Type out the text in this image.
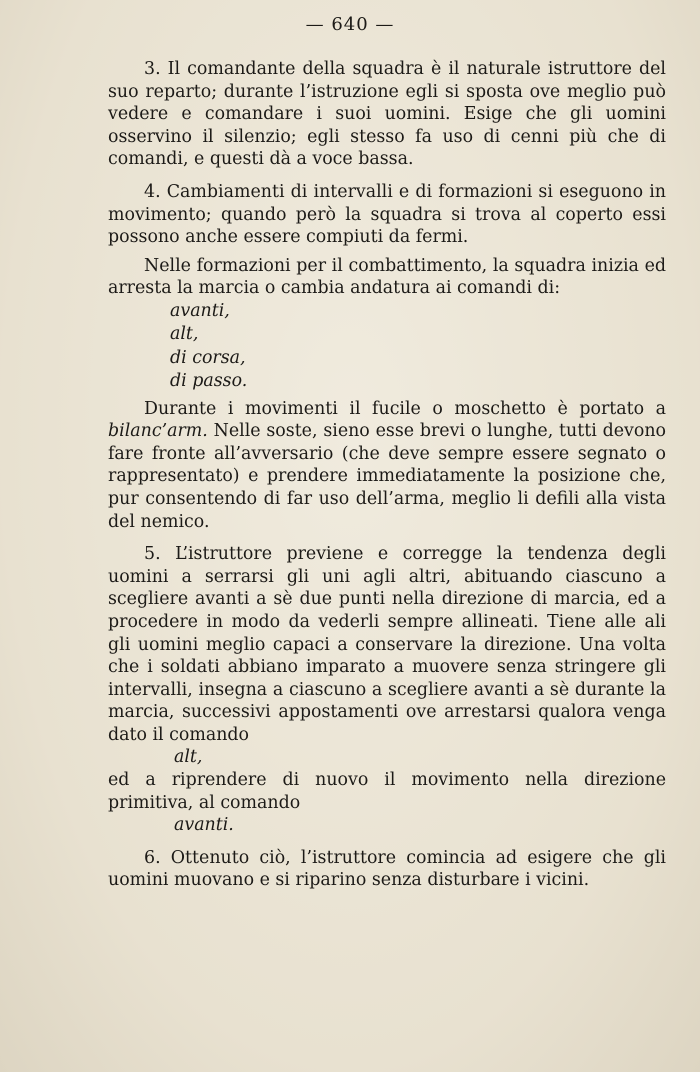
— 640 —

3. Il comandante della squadra è il naturale istruttore del suo reparto; durante l’istruzione egli si sposta ove meglio può vedere e comandare i suoi uomini. Esige che gli uomini osservino il silenzio; egli stesso fa uso di cenni più che di comandi, e questi dà a voce bassa.

4. Cambiamenti di intervalli e di formazioni si eseguono in movimento; quando però la squadra si trova al coperto essi possono anche essere compiuti da fermi.

Nelle formazioni per il combattimento, la squadra inizia ed arresta la marcia o cambia andatura ai comandi di:

avanti,
alt,
di corsa,
di passo.

Durante i movimenti il fucile o moschetto è portato a bilanc’arm. Nelle soste, sieno esse brevi o lunghe, tutti devono fare fronte all’avversario (che deve sempre essere segnato o rappresentato) e prendere immediatamente la posizione che, pur consentendo di far uso dell’arma, meglio li defili alla vista del nemico.

5. L’istruttore previene e corregge la tendenza degli uomini a serrarsi gli uni agli altri, abituando ciascuno a scegliere avanti a sè due punti nella direzione di marcia, ed a procedere in modo da vederli sempre allineati. Tiene alle ali gli uomini meglio capaci a conservare la direzione. Una volta che i soldati abbiano imparato a muovere senza stringere gli intervalli, insegna a ciascuno a scegliere avanti a sè durante la marcia, successivi appostamenti ove arrestarsi qualora venga dato il comando

alt,

ed a riprendere di nuovo il movimento nella direzione primitiva, al comando

avanti.

6. Ottenuto ciò, l’istruttore comincia ad esigere che gli uomini muovano e si riparino senza disturbare i vicini.
